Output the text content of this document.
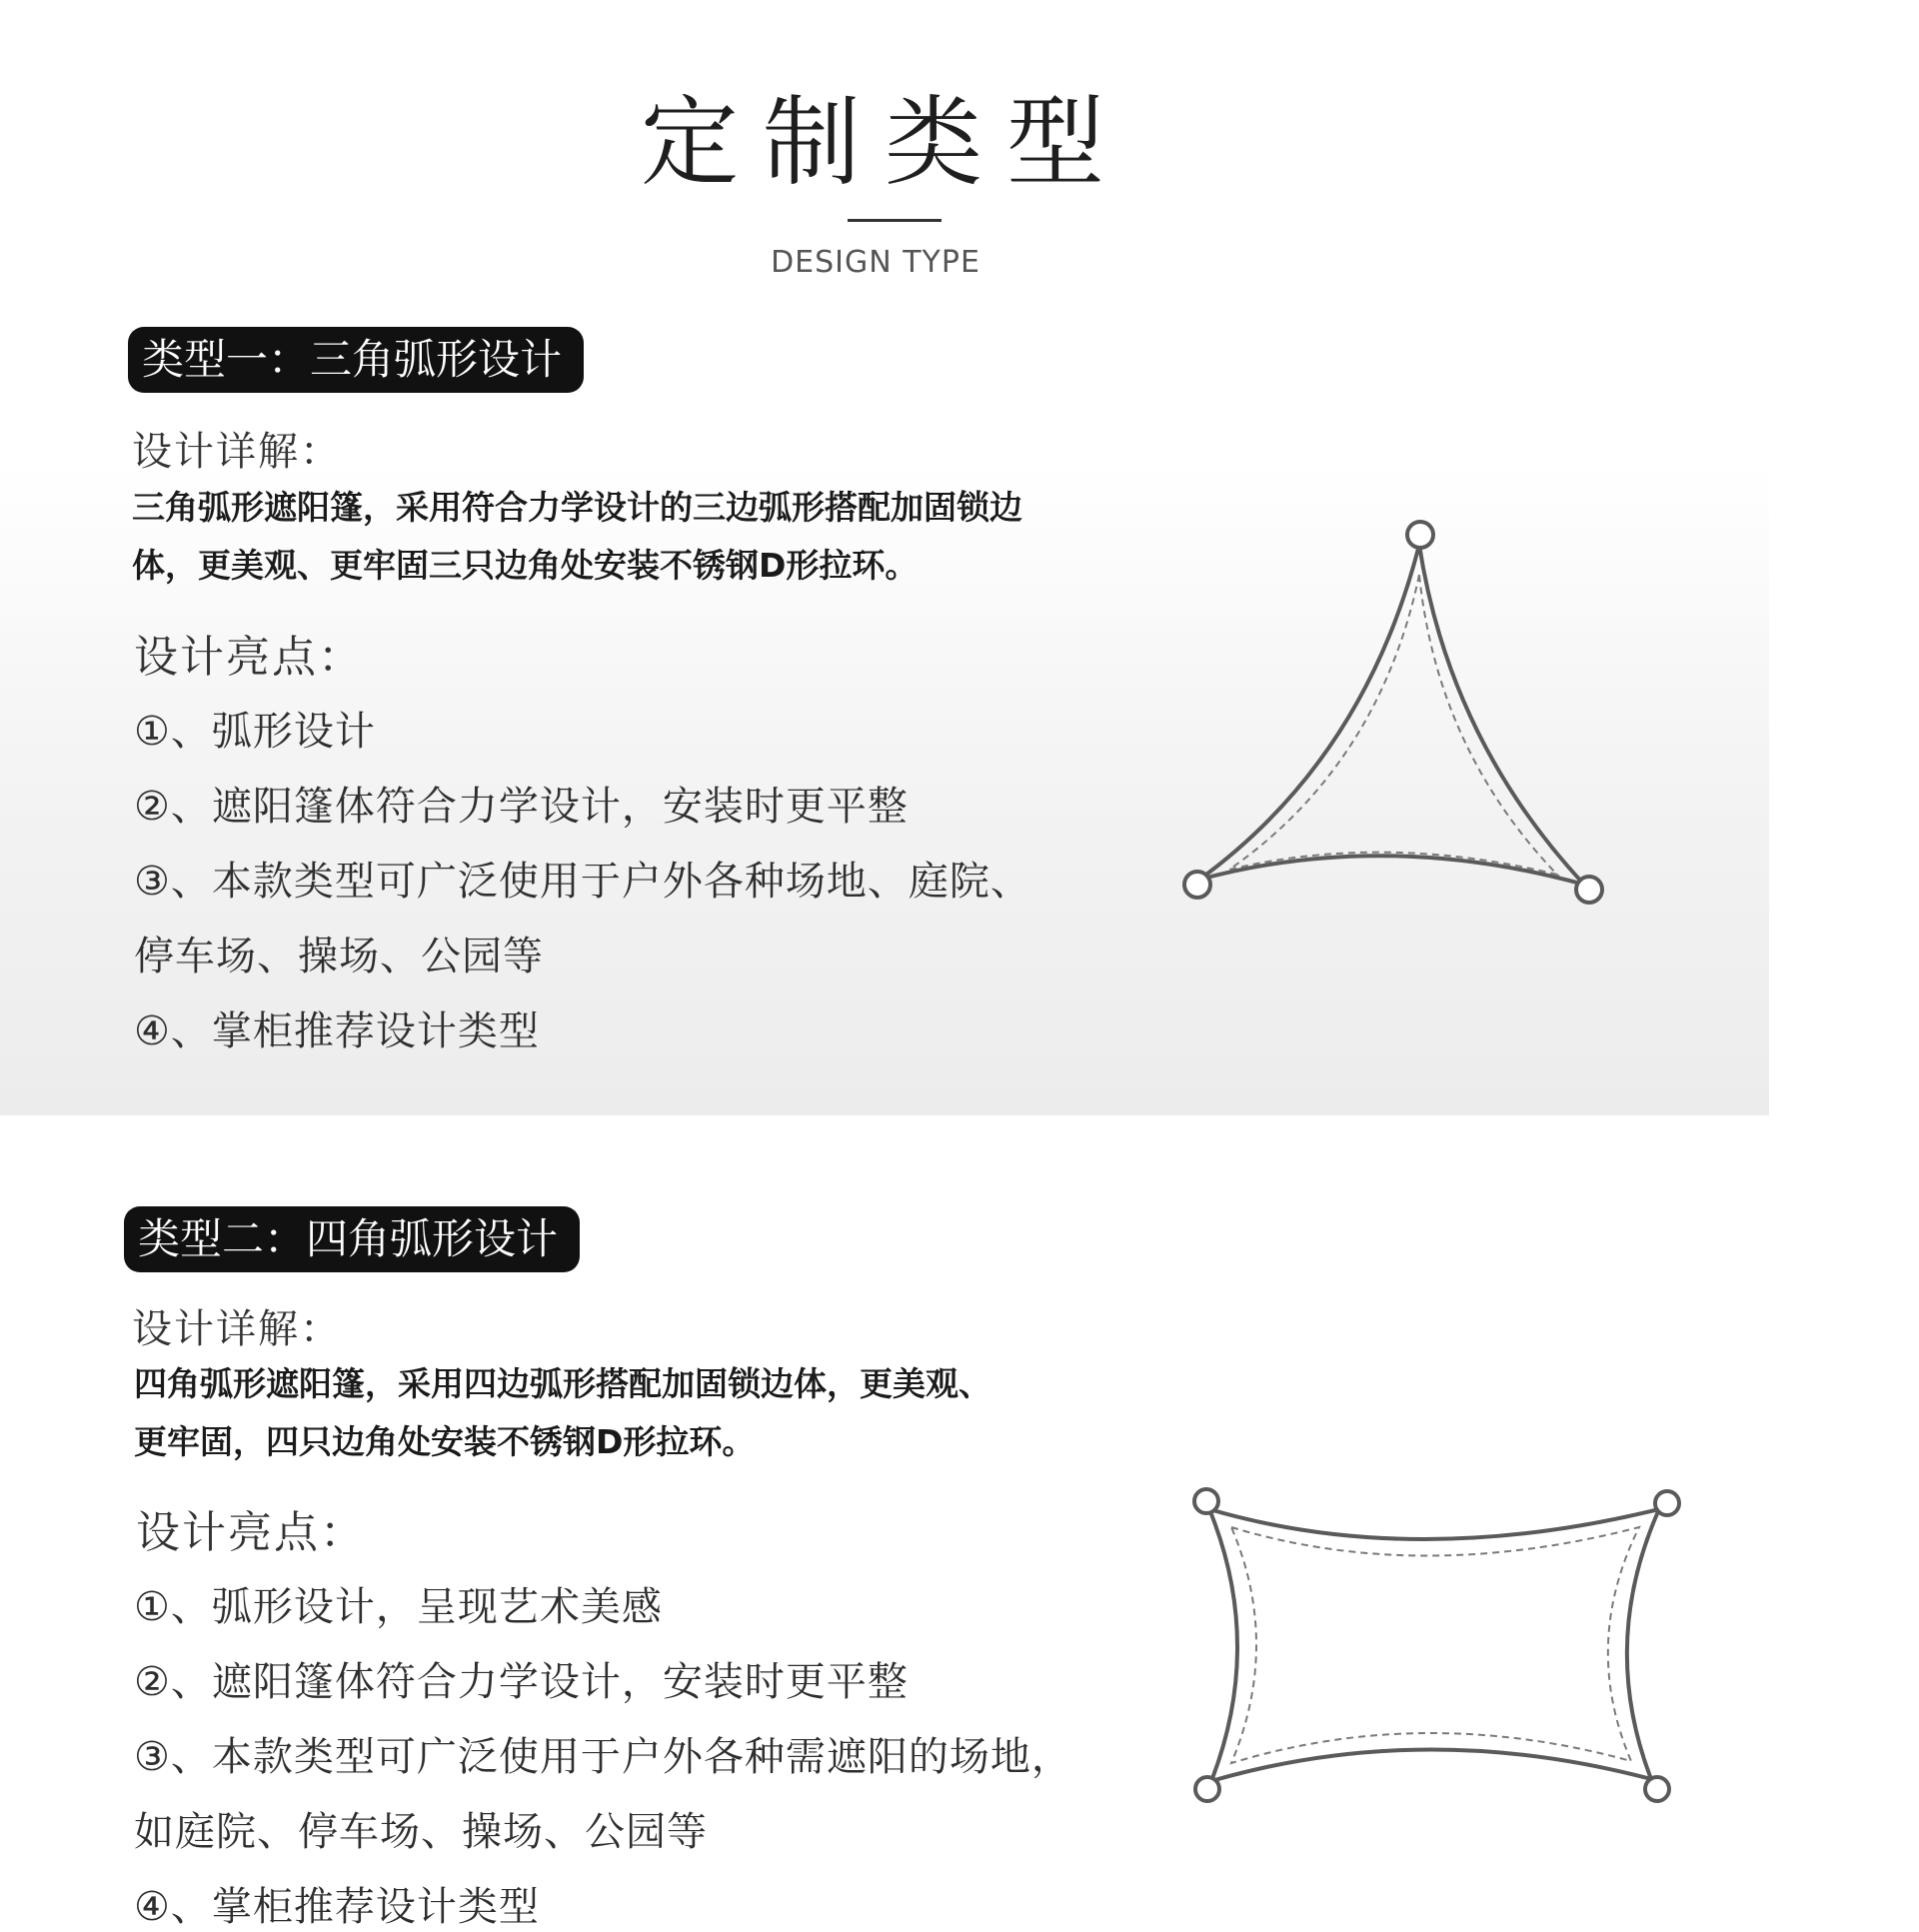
定制类型
DESIGN TYPE
类型一：三角弧形设计
设计详解：
三角弧形遮阳篷，采用符合力学设计的三边弧形搭配加固锁边
体，更美观、更牢固三只边角处安装不锈钢D形拉环。
设计亮点：
①、弧形设计
②、遮阳篷体符合力学设计，安装时更平整
③、本款类型可广泛使用于户外各种场地、庭院、
停车场、操场、公园等
④、掌柜推荐设计类型
类型二：四角弧形设计
设计详解：
四角弧形遮阳篷，采用四边弧形搭配加固锁边体，更美观、
更牢固，四只边角处安装不锈钢D形拉环。
设计亮点：
①、弧形设计，呈现艺术美感
②、遮阳篷体符合力学设计，安装时更平整
③、本款类型可广泛使用于户外各种需遮阳的场地，
如庭院、停车场、操场、公园等
④、掌柜推荐设计类型
